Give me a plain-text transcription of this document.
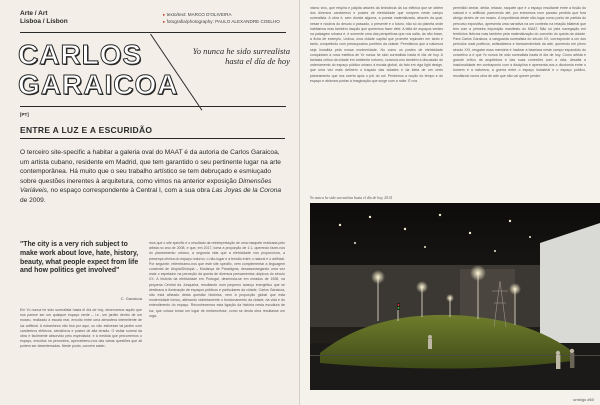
Arte / Art
Lisboa / Lisbon
▸ texto/text: MARCO D'OLIVEIRA
▸ fotografia/photography: PAULO ALEXANDRE COELHO
CARLOS
GARAICOA
Yo nunca he sido surrealista hasta el día de hoy
[PT]
ENTRE A LUZ E A ESCURIDÃO

O terceiro site-specific a habitar a galeria oval do MAAT é da autoria de Carlos Garaicoa, um artista cubano, residente em Madrid, que tem garantido o seu pertinente lugar na arte contemporânea. Há muito que o seu trabalho artístico se tem debruçado e esmiuçado sobre questões inerentes à arquitetura, como vimos na anterior exposição Dimensões Variáveis, no espaço correspondente à Central I, com a sua obra Las Joyas de la Corona de 2009.

"The city is a very rich subject to make work about love, hate, history, beauty, what people expect from life and how politics get involved"
C. Garaicoa

Em Yo nunca he sido surrealista hasta el día de hoy, observamos aquilo que nos parece ser um qualquer espaço verde – i.e., um jardim dentro de um museu, realizado à escala real, envolto entre uma atmosfera intermitente de luz artificial. A estranheza não fica por aqui, ou não estivesse tal jardim com candeeiros elétricos, semáforos e postes de alta tensão. O visitar surreal da obra é facilmente absorvido pelo espectador, e à medida que percorremos o espaço, envoltos na penumbra, apercebemo-nos das várias questões que ali podem ser desenterradas. Neste ponto, convém saber-

mos que o site specific é o resultado da reinterpretação de uma maquete realizada pelo artista no ano de 2008, e que, em 2017, toma a proporção de 1:1, querendo fazer-nos do planeamento urbano, a segunda vida que a eletricidade nos proporciona, a presença cênica do espaço noturno, o não-lugar e a tensão entre o natural e o artificial. Por seguinte, relembramo-nos que este site specific, vem complementar a linguagem curatorial de Utopia/Distopia – Mudança de Paradigma, desassossegando uma vez mais o espetador na perceção da queda de diversos pensamentos utópicos do século XX. A história da eletricidade em Portugal, desenrola-se em meados de 1908, na pequena Central da Junqueira, resultando num pequeno avanço energético que se destinava à iluminação de espaços públicos e particulares da cidade. Carlos Garaicoa, não está alheado desta questão histórica, nem à proporção global que esta modernidade tomou, alterando violentamente o funcionamento da cidade, da vida e do entendimento do espaço. Reconhecemos esta ligação da história nesta escultura de luz, que coloca tomar um lugar de metamorfose, como se desta obra resultasse um orga-

nismo vivo, que respira e palpita através da liminância da luz elétrica que se obtém dos diversos candeeiros e postes de eletricidade que rompem neste campo surrealista. A obra é, sem dúvida alguma, a poesia materializada, através da qual, nesse e noutros do desuto o passado, o presente e o futuro, não só do planeta onde habitamos mas também daquilo que queremos fazer dele. A falta de espaços verdes na paisagem urbana é, é somente uma das perspetivas que nos salta, da não fosse, a ficha de exemplo, Lisboa, uma cidade capital que promete equivaler em tanto e tanto, competindo com pressupostos purritres da cidade. Permitimos que a natureza seja invadida pela nossa modernidade. No como os postes de eletricidade conquistam a nova estética de Yo nunca he sido surrealista hasta el día de hoy. A fantasia crítica da cidade em ambiente noturno, convoca-nos também à discussão do ordenamento do espaço público urbano à escala global, do fato em viga light design, que uma vez mais definem o traçado das cidades e da ideia de um certo planeamento que nos ocerta após o pôr do sol. Perdemos a noção do tempo e do espaço e abismos portas à imaginação que surge com a noite. É nos

permitido sentar, deitar, relaxar, naquele que é o espaço resultante entre a fusão do natural e o artificial, parecendo até, por entrarmos num paraíso perdido que fora abrigo dentro de um museu. A importância deste não-lugar como ponto de partida do percurso expositivo, apresenta uma narrativa na um contexto na relação bilateral que tem com a primeira exposição manifesto do MAAT. Não só pela navegação em territórios fictícios mas também pela materialização do conceito do queda da cidade. Para Carlos Garaicoa, a vanguarda surrealista do século XX, corresponde a um dos períodos mais poéticos, antissistema e transcendentais da arte, querendo em pleno século XXI, resgatar essa memória e haclear a baseiara neste campo expandido do concetivo à é que Yo nunca he sido surrealista hasta el día de hoy. Como artista e grande crítico da arquitetura e das suas conexões com a vida, desafia a inacionalidade em contraponto com a disciplina e apresenta-nos a dicotomia entre o homem e a natureza, a guerra entre o espaço industrial e o espaço público, resultando numa obra de arte que não vai querer perder.

Yo nunca he sido surrealista hasta el día de hoy, 2014
umbigo #60
